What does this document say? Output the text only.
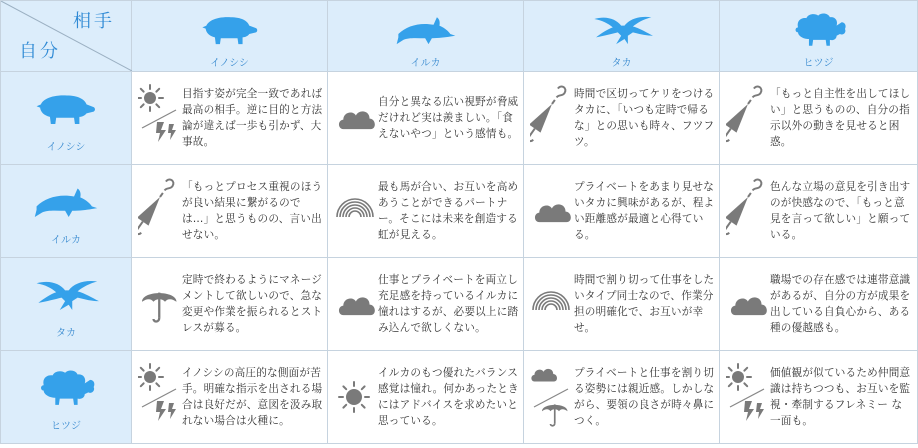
相手
自分	イノシシ	イルカ	タカ	ヒツジ

イノシシ	目指す姿が完全一致であれば最高の相手。逆に目的と方法論が違えば一歩も引かず、大事故。	自分と異なる広い視野が脅威だけれど実は羨ましい。「食えないやつ」という感情も。	時間で区切ってケリをつけるタカに、「いつも定時で帰るな」との思いも時々、フツフツ。	「もっと自主性を出してほしい」と思うものの、自分の指示以外の動きを見せると困惑。

イルカ	「もっとプロセス重視のほうが良い結果に繋がるのでは…」と思うものの、言い出せない。	最も馬が合い、お互いを高めあうことができるパートナー。そこには未来を創造する虹が見える。	プライベートをあまり見せないタカに興味があるが、程よい距離感が最適と心得ている。	色んな立場の意見を引き出すのが快感なので、「もっと意見を言って欲しい」と願っている。

タカ	定時で終わるようにマネージメントして欲しいので、急な変更や作業を振られるとストレスが募る。	仕事とプライベートを両立し充足感を持っているイルカに憧れはするが、必要以上に踏み込んで欲しくない。	時間で割り切って仕事をしたいタイプ同士なので、作業分担の明確化で、お互いが幸せ。	職場での存在感では連帯意識があるが、自分の方が成果を出している自負心から、ある種の優越感も。

ヒツジ	イノシシの高圧的な側面が苦手。明確な指示を出される場合は良好だが、意図を汲み取れない場合は火種に。	イルカのもつ優れたバランス感覚は憧れ。何かあったときにはアドバイスを求めたいと思っている。	プライベートと仕事を割り切る姿勢には親近感。しかしながら、要領の良さが時々鼻につく。	価値観が似ているため仲間意識は持ちつつも、お互いを監視・牽制するフレネミー な一面も。
